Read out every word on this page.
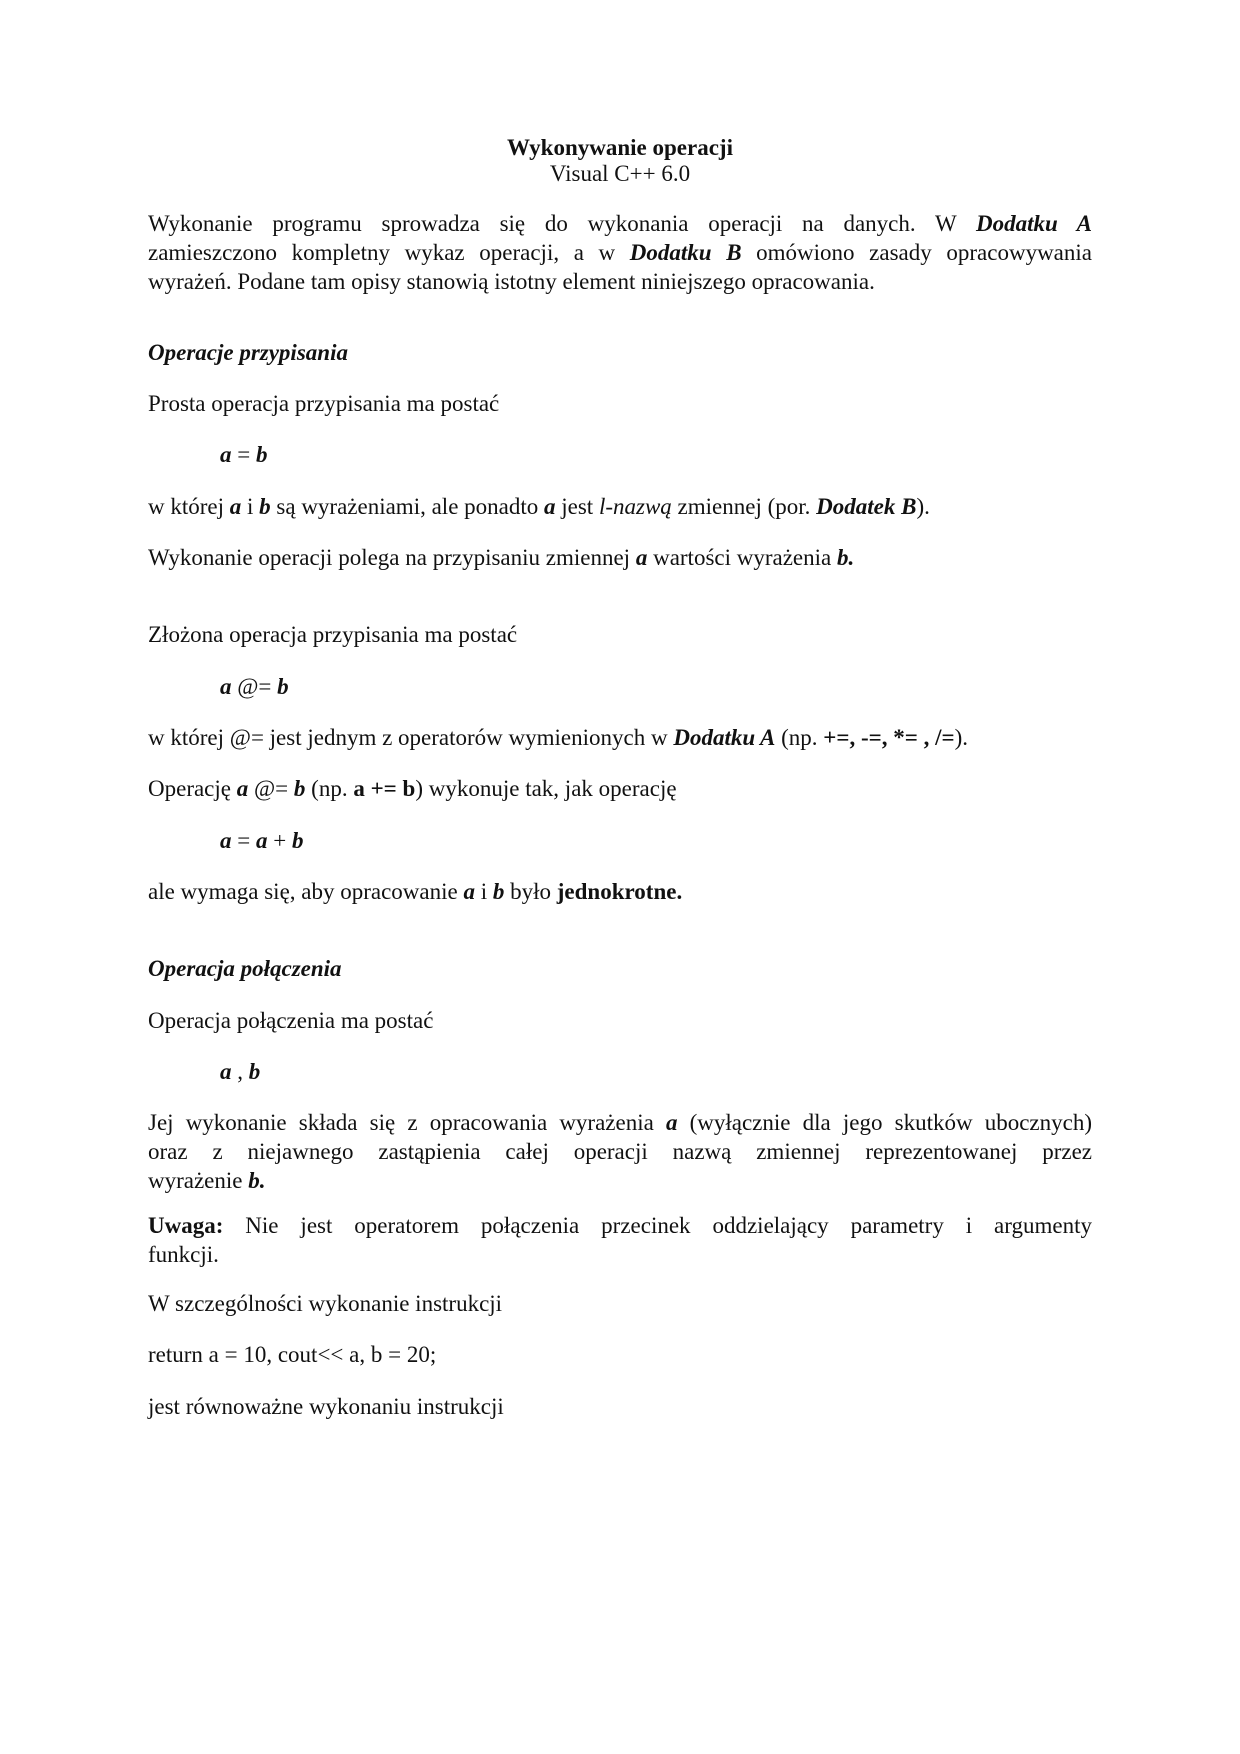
Wykonywanie operacji
Visual C++ 6.0
Wykonanie programu sprowadza się do wykonania operacji na danych. W Dodatku A
zamieszczono kompletny wykaz operacji, a w Dodatku B omówiono zasady opracowywania
wyrażeń. Podane tam opisy stanowią istotny element niniejszego opracowania.
Operacje przypisania
Prosta operacja przypisania ma postać
a = b
w której a i b są wyrażeniami, ale ponadto a jest l-nazwą zmiennej (por. Dodatek B).
Wykonanie operacji polega na przypisaniu zmiennej a wartości wyrażenia b.
Złożona operacja przypisania ma postać
a @= b
w której @= jest jednym z operatorów wymienionych w Dodatku A (np. +=, -=, *= , /=).
Operację a @= b (np. a += b) wykonuje tak, jak operację
a = a + b
ale wymaga się, aby opracowanie a i b było jednokrotne.
Operacja połączenia
Operacja połączenia ma postać
a , b
Jej wykonanie składa się z opracowania wyrażenia a (wyłącznie dla jego skutków ubocznych)
oraz z niejawnego zastąpienia całej operacji nazwą zmiennej reprezentowanej przez
wyrażenie b.
Uwaga: Nie jest operatorem połączenia przecinek oddzielający parametry i argumenty
funkcji.
W szczególności wykonanie instrukcji
return a = 10, cout<< a, b = 20;
jest równoważne wykonaniu instrukcji
